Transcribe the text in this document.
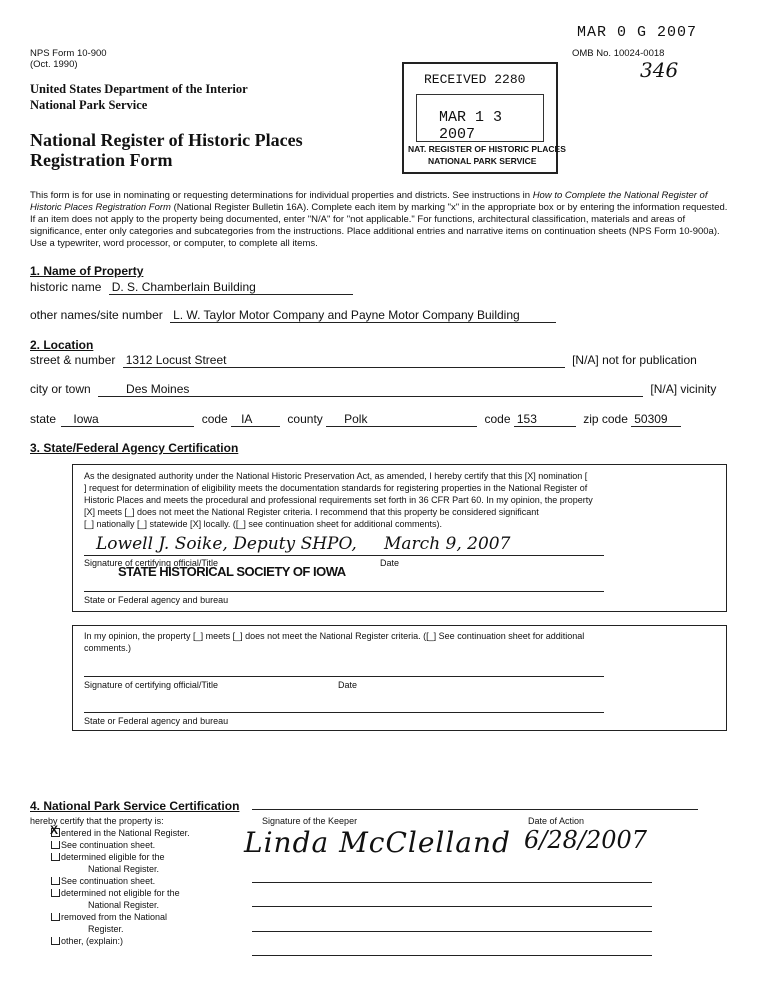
MAR 0 G 2007
NPS Form 10-900
(Oct. 1990)
OMB No. 10024-0018
346
United States Department of the Interior
National Park Service
National Register of Historic Places
Registration Form
RECEIVED 2280
MAR 1 3 2007
NAT. REGISTER OF HISTORIC PLACES
NATIONAL PARK SERVICE
This form is for use in nominating or requesting determinations for individual properties and districts. See instructions in How to Complete the National Register of Historic Places Registration Form (National Register Bulletin 16A). Complete each item by marking "x" in the appropriate box or by entering the information requested. If an item does not apply to the property being documented, enter "N/A" for "not applicable." For functions, architectural classification, materials and areas of significance, enter only categories and subcategories from the instructions. Place additional entries and narrative items on continuation sheets (NPS Form 10-900a). Use a typewriter, word processor, or computer, to complete all items.
1. Name of Property
historic name D. S. Chamberlain Building
other names/site number L. W. Taylor Motor Company and Payne Motor Company Building
2. Location
street & number 1312 Locust Street	[N/A] not for publication
city or town	Des Moines	[N/A] vicinity
state Iowa	code IA	county Polk	code 153	zip code 50309
3. State/Federal Agency Certification
As the designated authority under the National Historic Preservation Act, as amended, I hereby certify that this [X] nomination [
] request for determination of eligibility meets the documentation standards for registering properties in the National Register of
Historic Places and meets the procedural and professional requirements set forth in 36 CFR Part 60. In my opinion, the property
[X] meets [_] does not meet the National Register criteria. I recommend that this property be considered significant
[_] nationally [_] statewide [X] locally. ([_] see continuation sheet for additional comments).
Lowell J. Soike, Deputy SHPO, March 9, 2007
Signature of certifying official/Title	Date
STATE HISTORICAL SOCIETY OF IOWA
State or Federal agency and bureau
In my opinion, the property [_] meets [_] does not meet the National Register criteria. ([_] See continuation sheet for additional
comments.)
Signature of certifying official/Title	Date
State or Federal agency and bureau
4. National Park Service Certification
hereby certify that the property is:	Signature of the Keeper	Date of Action
X entered in the National Register.
See continuation sheet.
determined eligible for the
National Register.
See continuation sheet.
determined not eligible for the
National Register.
removed from the National
Register.
other, (explain:)
Linda McClelland 6/28/2007
